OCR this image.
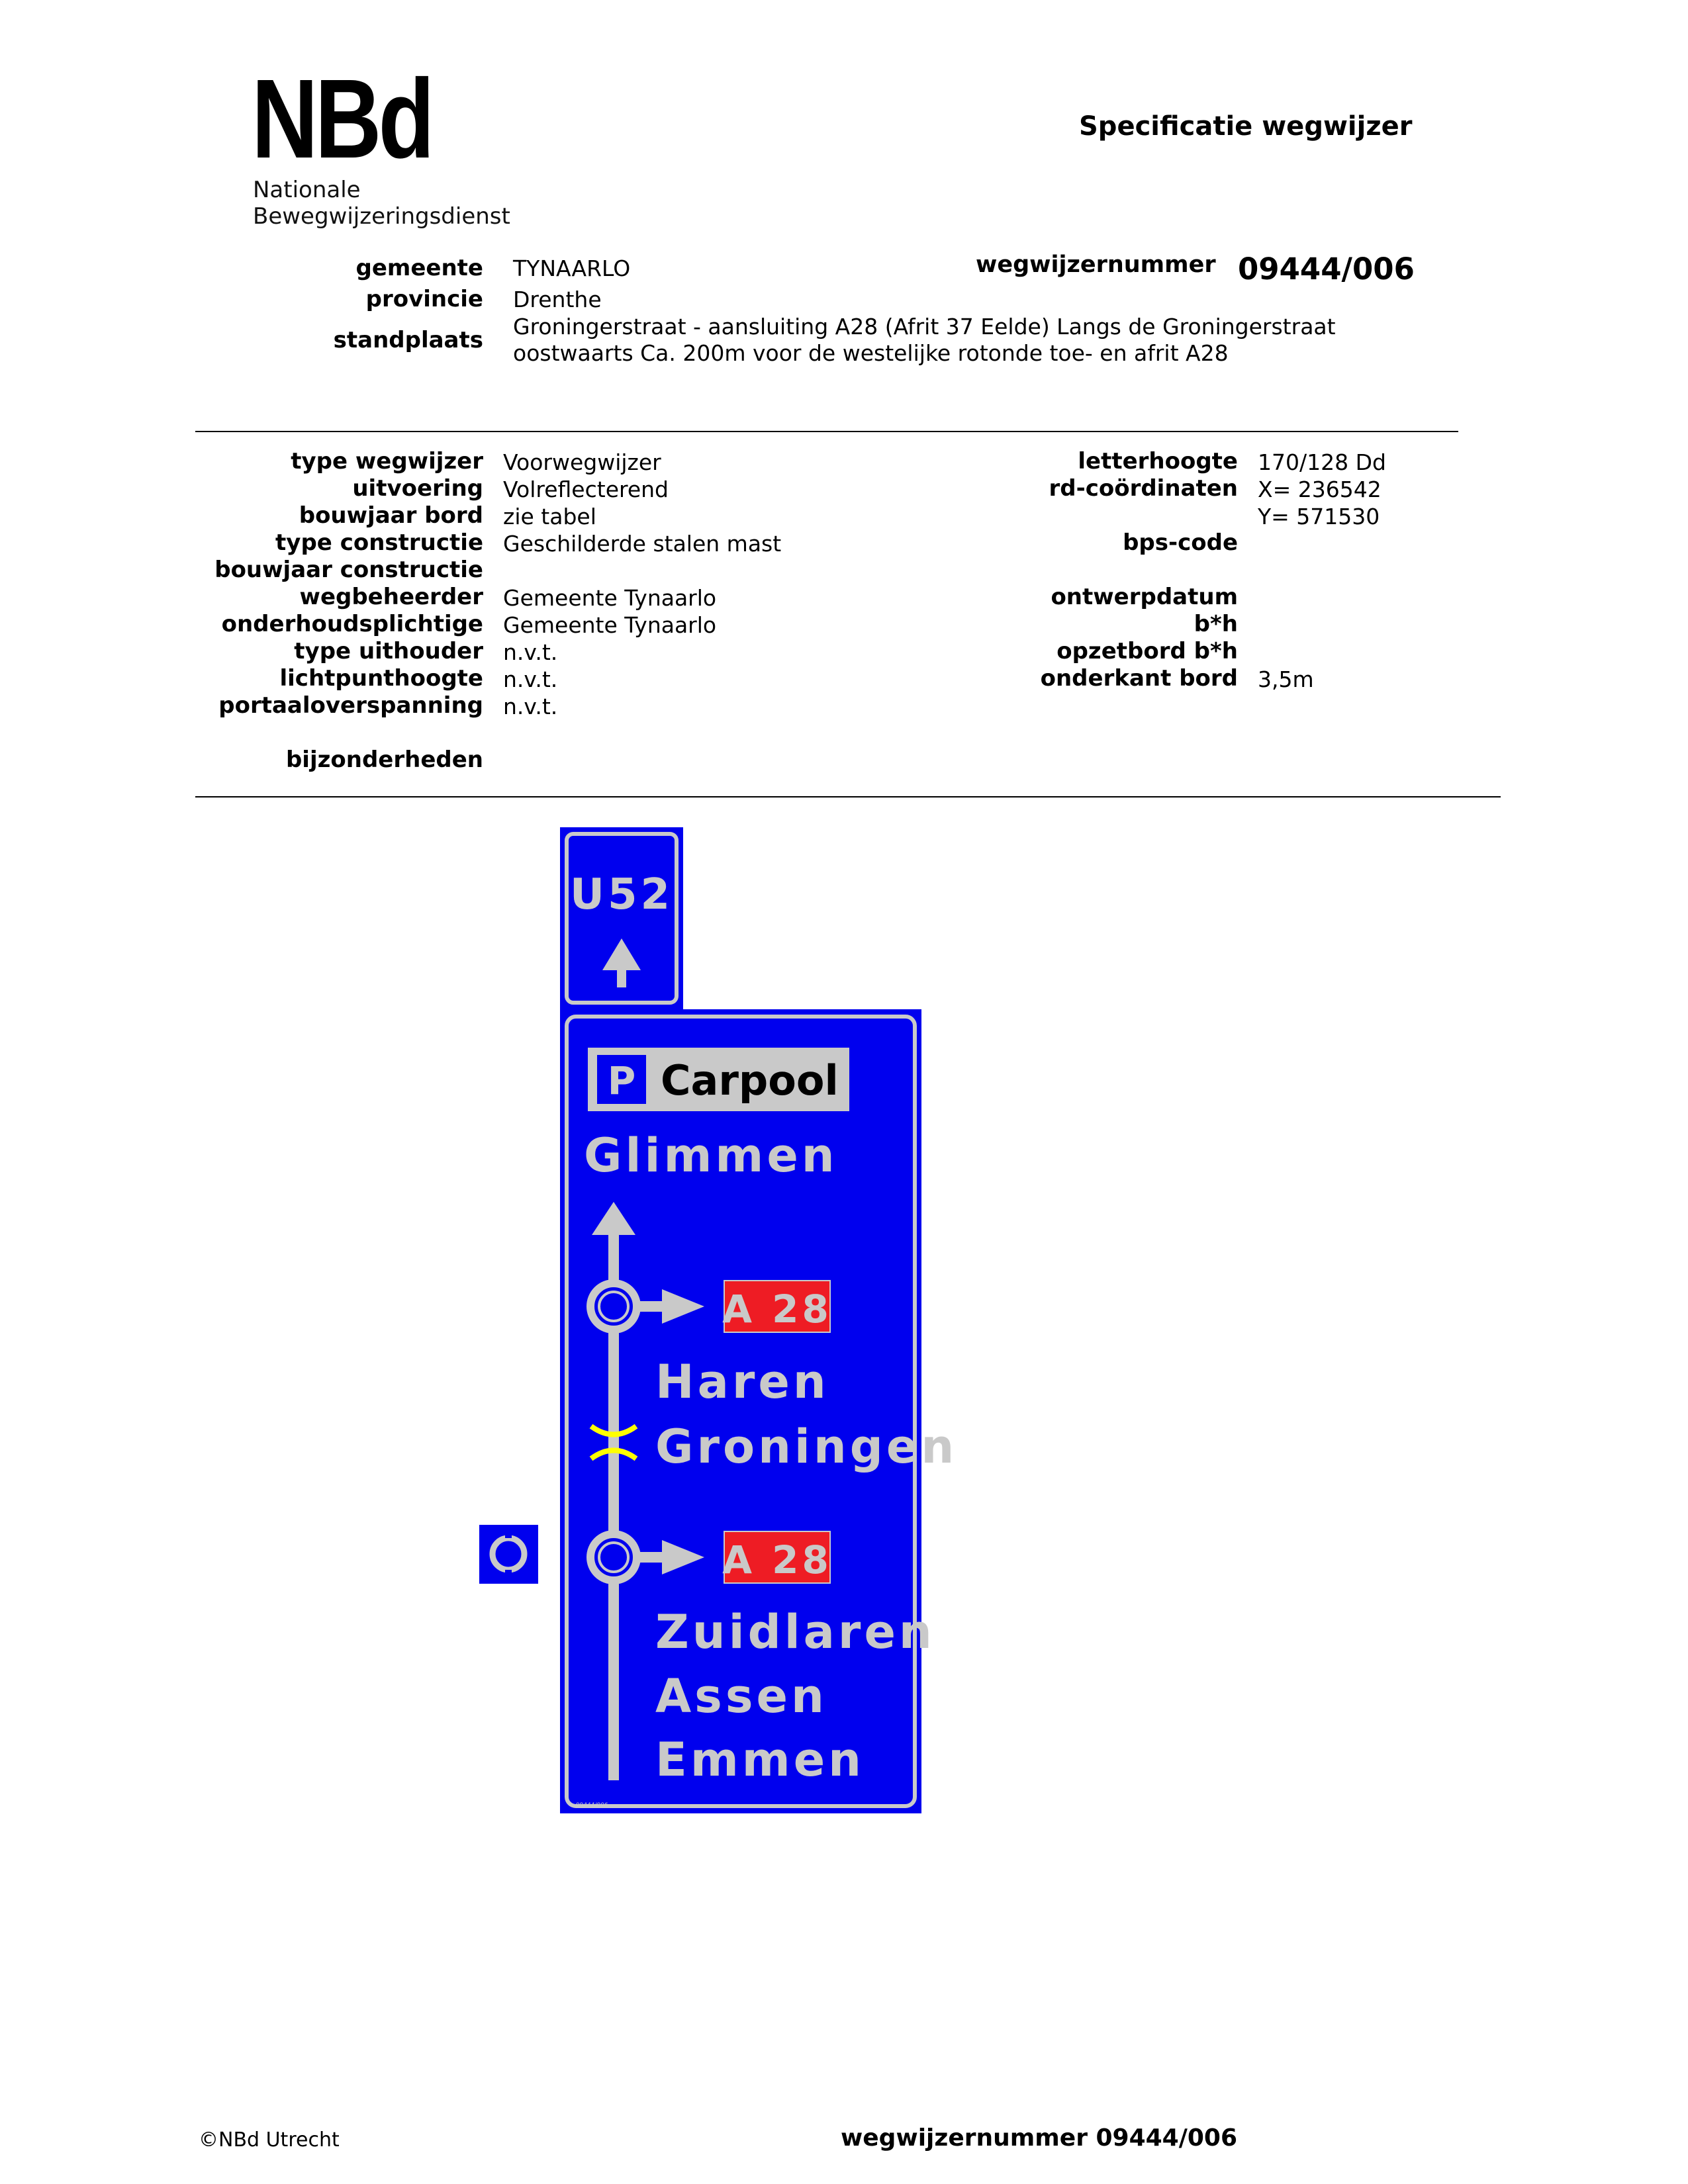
NBd
Nationale
Bewegwijzeringsdienst
Specificatie wegwijzer
gemeente TYNAARLO
provincie Drenthe
standplaats
Groningerstraat - aansluiting A28 (Afrit 37 Eelde) Langs de Groningerstraat
oostwaarts Ca. 200m voor de westelijke rotonde toe- en afrit A28
wegwijzernummer 09444/006
type wegwijzer Voorwegwijzer
uitvoering Volreflecterend
bouwjaar bord zie tabel
type constructie Geschilderde stalen mast
bouwjaar constructie
wegbeheerder Gemeente Tynaarlo
onderhoudsplichtige Gemeente Tynaarlo
type uithouder n.v.t.
lichtpunthoogte n.v.t.
portaaloverspanning n.v.t.
bijzonderheden
letterhoogte 170/128 Dd
rd-coördinaten X= 236542
Y= 571530
bps-code
ontwerpdatum
b*h
opzetbord b*h
onderkant bord 3,5m
U52
P Carpool
Glimmen
A 28
Haren
Groningen
A 28
Zuidlaren
Assen
Emmen
09444/006
©NBd Utrecht	wegwijzernummer 09444/006
